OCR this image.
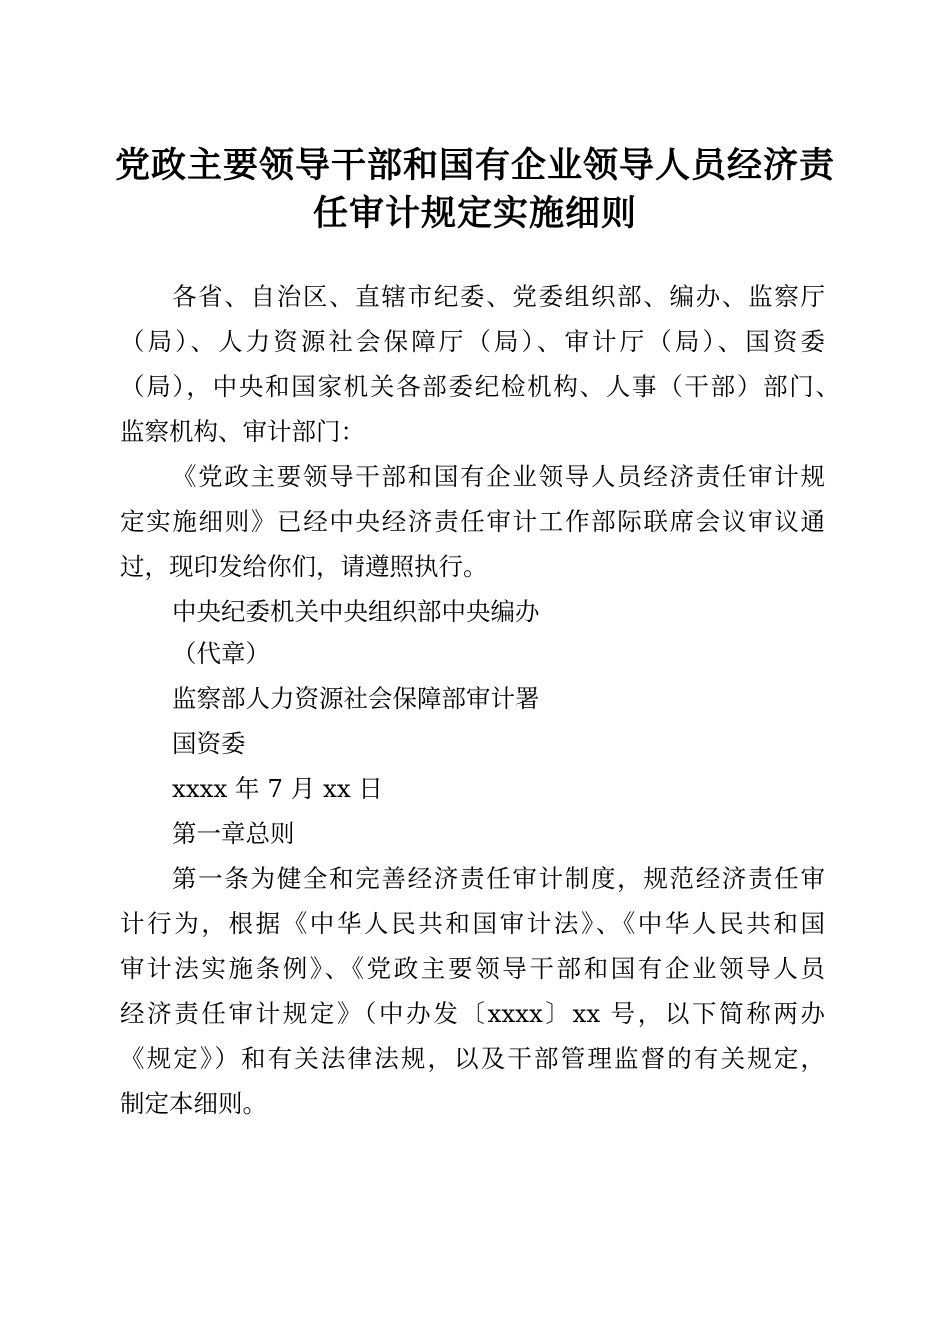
党政主要领导干部和国有企业领导人员经济责
任审计规定实施细则
各省、自治区、直辖市纪委、党委组织部、编办、监察厅
（局）、人力资源社会保障厅（局）、审计厅（局）、国资委
（局），中央和国家机关各部委纪检机构、人事（干部）部门、
监察机构、审计部门：
《党政主要领导干部和国有企业领导人员经济责任审计规
定实施细则》已经中央经济责任审计工作部际联席会议审议通
过，现印发给你们，请遵照执行。
中央纪委机关中央组织部中央编办
（代章）
监察部人力资源社会保障部审计署
国资委
xxxx 年 7 月 xx 日
第一章总则
第一条为健全和完善经济责任审计制度，规范经济责任审
计行为，根据《中华人民共和国审计法》、《中华人民共和国
审计法实施条例》、《党政主要领导干部和国有企业领导人员
经济责任审计规定》（中办发〔xxxx〕xx 号，以下简称两办
《规定》）和有关法律法规，以及干部管理监督的有关规定，
制定本细则。
